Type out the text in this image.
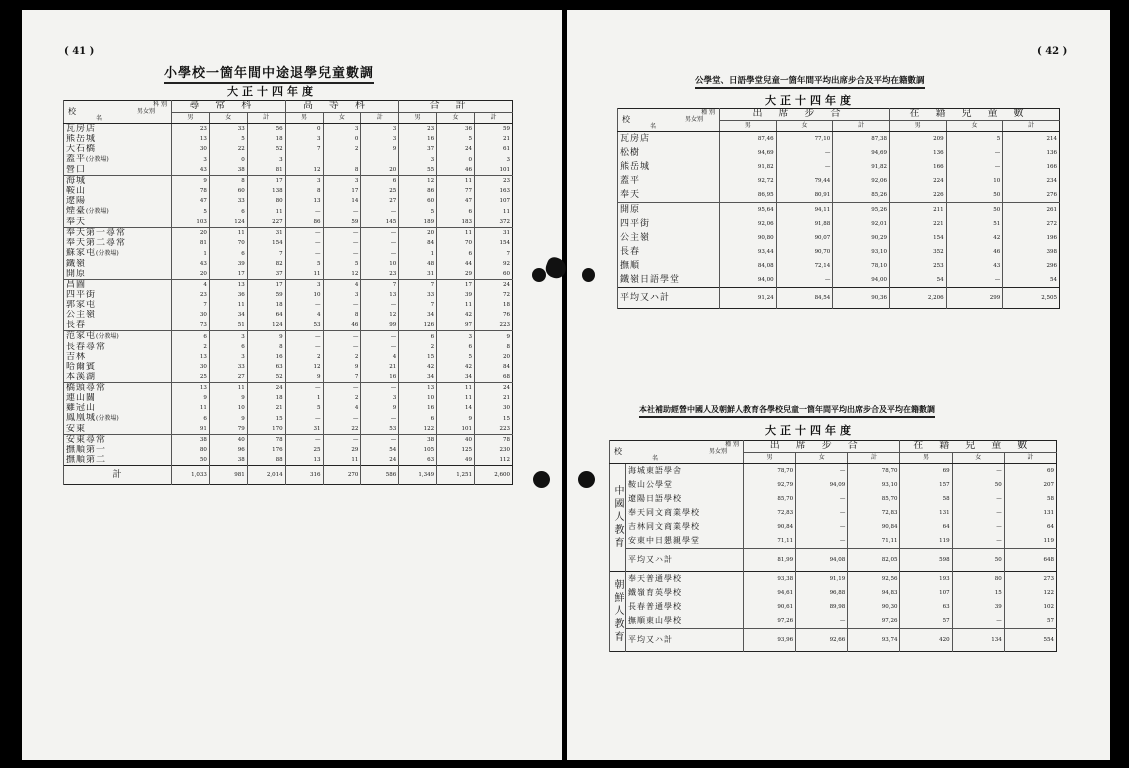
( 41 )
小學校一箇年間中途退學兒童數調
大正十四年度
科 別
男女別
校
名	尋常科			高等科			合計		
	男	女	計	男	女	計	男	女	計
瓦房店	23	33	56	0	3	3	23	36	59
熊岳城	13	5	18	3	0	3	16	5	21
大石橋	30	22	52	7	2	9	37	24	61
蓋平(分教場)	3	0	3				3	0	3
營口	43	38	81	12	8	20	55	46	101
海城	9	8	17	3	3	6	12	11	23
鞍山	78	60	138	8	17	25	86	77	163
遼陽	47	33	80	13	14	27	60	47	107
煙臺(分教場)	5	6	11	—	—	—	5	6	11
奉天	103	124	227	86	59	145	189	183	372
奉天第一尋常	20	11	31	—	—	—	20	11	31
奉天第二尋常	81	70	154	—	—	—	84	70	154
蘇家屯(分教場)	1	6	7	—	—	—	1	6	7
鐵嶺	43	39	82	5	5	10	48	44	92
開原	20	17	37	11	12	23	31	29	60
昌圖	4	13	17	3	4	7	7	17	24
四平街	23	36	59	10	3	13	33	39	72
郭家屯	7	11	18	—	—	—	7	11	18
公主嶺	30	34	64	4	8	12	34	42	76
長春	73	51	124	53	46	99	126	97	223
范家屯(分教場)	6	3	9	—	—	—	6	3	9
長春尋常	2	6	8	—	—	—	2	6	8
吉林	13	3	16	2	2	4	15	5	20
哈爾賓	30	33	63	12	9	21	42	42	84
本溪湖	25	27	52	9	7	16	34	34	68
橋頭尋常	13	11	24	—	—	—	13	11	24
連山關	9	9	18	1	2	3	10	11	21
雞冠山	11	10	21	5	4	9	16	14	30
鳳凰城(分教場)	6	9	15	—	—	—	6	9	15
安東	91	79	170	31	22	53	122	101	223
安東尋常	38	40	78	—	—	—	38	40	78
撫順第一	80	96	176	25	29	54	105	125	230
撫順第二	50	38	88	13	11	24	63	49	112
計	1,033	981	2,014	316	270	586	1,349	1,251	2,600
( 42 )
公學堂、日語學堂兒童一箇年間平均出席步合及平均在籍數調
大正十四年度
種 別
男女別
校
名	出席步合			在籍兒童數		
	男	女	計	男	女	計
瓦房店	87,46	77,10	87,38	209	5	214
松樹	94,69	—	94,69	136	—	136
熊岳城	91,82	—	91,82	166	—	166
蓋平	92,72	79,44	92,06	224	10	234
奉天	86,95	80,91	85,26	226	50	276
開原	95,64	94,11	95,26	211	50	261
四平街	92,06	91,88	92,01	221	51	272
公主嶺	90,80	90,07	90,29	154	42	196
長春	93,44	90,70	93,10	352	46	398
撫順	84,08	72,14	78,10	253	43	296
鐵嶺日語學堂	94,00	—	94,00	54	—	54
平均又ハ計	91,24	84,54	90,36	2,206	299	2,505
本社補助經營中國人及朝鮮人教育各學校兒童一箇年間平均出席步合及平均在籍數調
大正十四年度
種 別
男女別
校
名		出席步合			在籍兒童數		
		男	女	計	男	女	計

中國人教育	海城東語學舍	78,70	—	78,70	69	—	69
	鞍山公學堂	92,79	94,09	93,10	157	50	207
	遼陽日語學校	85,70	—	85,70	58	—	58
	奉天同文商業學校	72,83	—	72,83	131	—	131
	吉林同文商業學校	90,84	—	90,84	64	—	64
	安東中日懇親學堂	71,11	—	71,11	119	—	119
	平均又ハ計	81,99	94,08	82,05	598	50	648

朝鮮人教育	奉天普通學校	93,38	91,19	92,56	193	80	273
	鐵嶺育英學校	94,61	96,88	94,83	107	15	122
	長春普通學校	90,61	89,98	90,30	63	39	102
	撫順東山學校	97,26	—	97,26	57	—	57
	平均又ハ計	93,96	92,66	93,74	420	134	554
